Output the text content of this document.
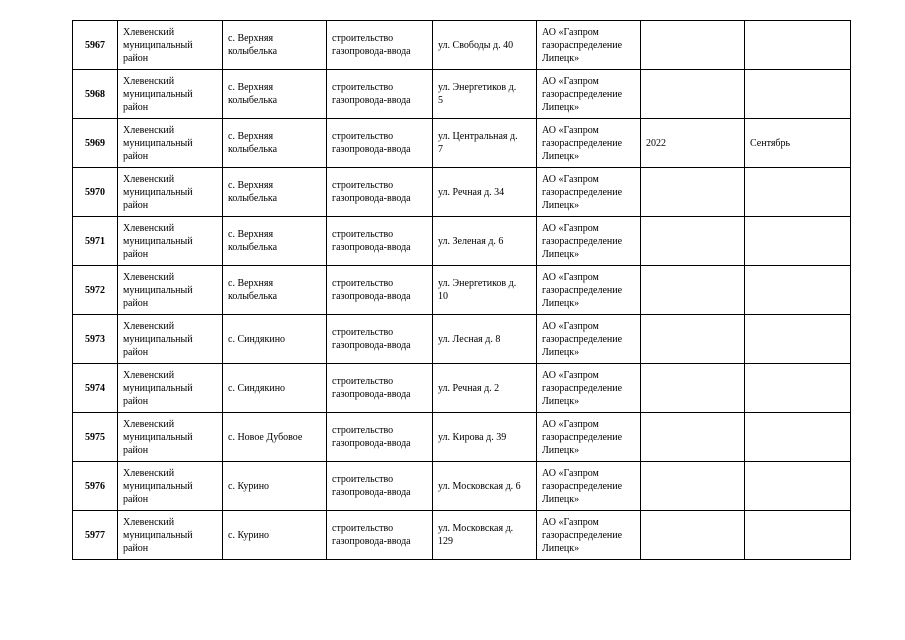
5967	Хлевенский
муниципальный
район	с. Верхняя
колыбелька	строительство
газопровода-ввода	ул. Свободы д. 40	АО «Газпром
газораспределение
Липецк»		

5968	Хлевенский
муниципальный
район	с. Верхняя
колыбелька	строительство
газопровода-ввода	ул. Энергетиков д.
5	АО «Газпром
газораспределение
Липецк»		

5969	Хлевенский
муниципальный
район	с. Верхняя
колыбелька	строительство
газопровода-ввода	ул. Центральная д.
7	АО «Газпром
газораспределение
Липецк»	2022	Сентябрь
5970	Хлевенский
муниципальный
район	с. Верхняя
колыбелька	строительство
газопровода-ввода	ул. Речная д. 34	АО «Газпром
газораспределение
Липецк»		

5971	Хлевенский
муниципальный
район	с. Верхняя
колыбелька	строительство
газопровода-ввода	ул. Зеленая д. 6	АО «Газпром
газораспределение
Липецк»		

5972	Хлевенский
муниципальный
район	с. Верхняя
колыбелька	строительство
газопровода-ввода	ул. Энергетиков д.
10	АО «Газпром
газораспределение
Липецк»		

5973	Хлевенский
муниципальный
район	с. Синдякино	строительство
газопровода-ввода	ул. Лесная д. 8	АО «Газпром
газораспределение
Липецк»		

5974	Хлевенский
муниципальный
район	с. Синдякино	строительство
газопровода-ввода	ул. Речная д. 2	АО «Газпром
газораспределение
Липецк»		

5975	Хлевенский
муниципальный
район	с. Новое Дубовое	строительство
газопровода-ввода	ул. Кирова д. 39	АО «Газпром
газораспределение
Липецк»		

5976	Хлевенский
муниципальный
район	с. Курино	строительство
газопровода-ввода	ул. Московская д. 6	АО «Газпром
газораспределение
Липецк»		

5977	Хлевенский
муниципальный
район	с. Курино	строительство
газопровода-ввода	ул. Московская д.
129	АО «Газпром
газораспределение
Липецк»		
